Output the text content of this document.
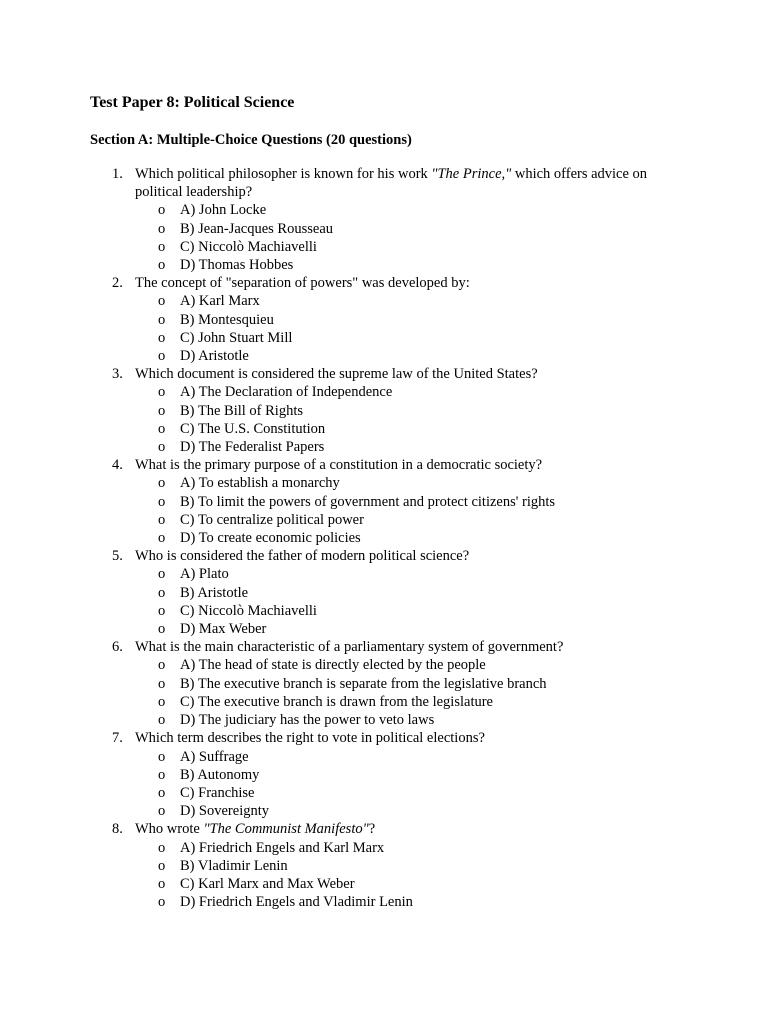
Test Paper 8: Political Science
Section A: Multiple-Choice Questions (20 questions)
1. Which political philosopher is known for his work "The Prince," which offers advice on political leadership?
o A) John Locke
o B) Jean-Jacques Rousseau
o C) Niccolò Machiavelli
o D) Thomas Hobbes
2. The concept of "separation of powers" was developed by:
o A) Karl Marx
o B) Montesquieu
o C) John Stuart Mill
o D) Aristotle
3. Which document is considered the supreme law of the United States?
o A) The Declaration of Independence
o B) The Bill of Rights
o C) The U.S. Constitution
o D) The Federalist Papers
4. What is the primary purpose of a constitution in a democratic society?
o A) To establish a monarchy
o B) To limit the powers of government and protect citizens' rights
o C) To centralize political power
o D) To create economic policies
5. Who is considered the father of modern political science?
o A) Plato
o B) Aristotle
o C) Niccolò Machiavelli
o D) Max Weber
6. What is the main characteristic of a parliamentary system of government?
o A) The head of state is directly elected by the people
o B) The executive branch is separate from the legislative branch
o C) The executive branch is drawn from the legislature
o D) The judiciary has the power to veto laws
7. Which term describes the right to vote in political elections?
o A) Suffrage
o B) Autonomy
o C) Franchise
o D) Sovereignty
8. Who wrote "The Communist Manifesto"?
o A) Friedrich Engels and Karl Marx
o B) Vladimir Lenin
o C) Karl Marx and Max Weber
o D) Friedrich Engels and Vladimir Lenin
